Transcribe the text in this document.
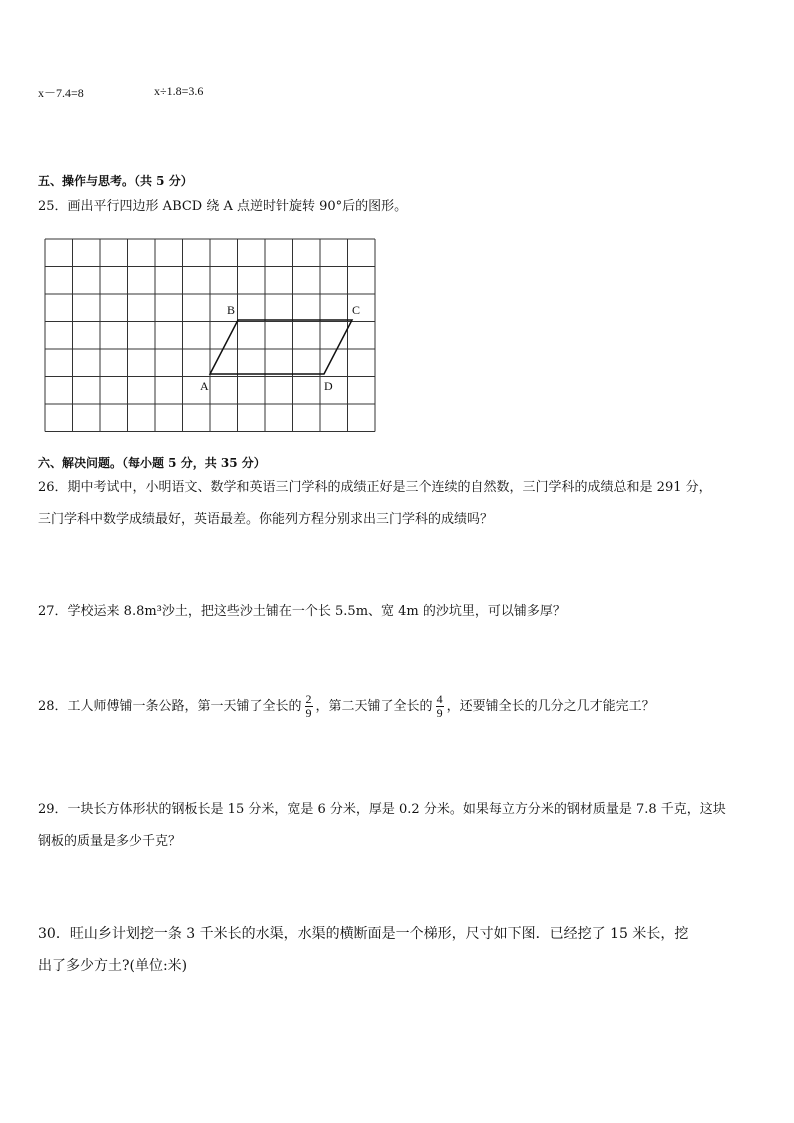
x－7.4=8	x÷1.8=3.6
五、操作与思考。（共 5 分）
25．画出平行四边形 ABCD 绕 A 点逆时针旋转 90°后的图形。
A
B	C
D
六、解决问题。（每小题 5 分，共 35 分）
26．期中考试中，小明语文、数学和英语三门学科的成绩正好是三个连续的自然数，三门学科的成绩总和是 291 分，
三门学科中数学成绩最好，英语最差。你能列方程分别求出三门学科的成绩吗？
27．学校运来 8.8m³沙土，把这些沙土铺在一个长 5.5m、宽 4m 的沙坑里，可以铺多厚？
28．工人师傅铺一条公路，第一天铺了全长的 $\frac{2}{9}$ ，第二天铺了全长的 $\frac{4}{9}$ ，还要铺全长的几分之几才能完工？
29．一块长方体形状的钢板长是 15 分米，宽是 6 分米，厚是 0.2 分米。如果每立方分米的钢材质量是 7.8 千克，这块
钢板的质量是多少千克？
30．旺山乡计划挖一条 3 千米长的水渠，水渠的横断面是一个梯形，尺寸如下图．已经挖了 15 米长，挖
出了多少方土?(单位:米)
